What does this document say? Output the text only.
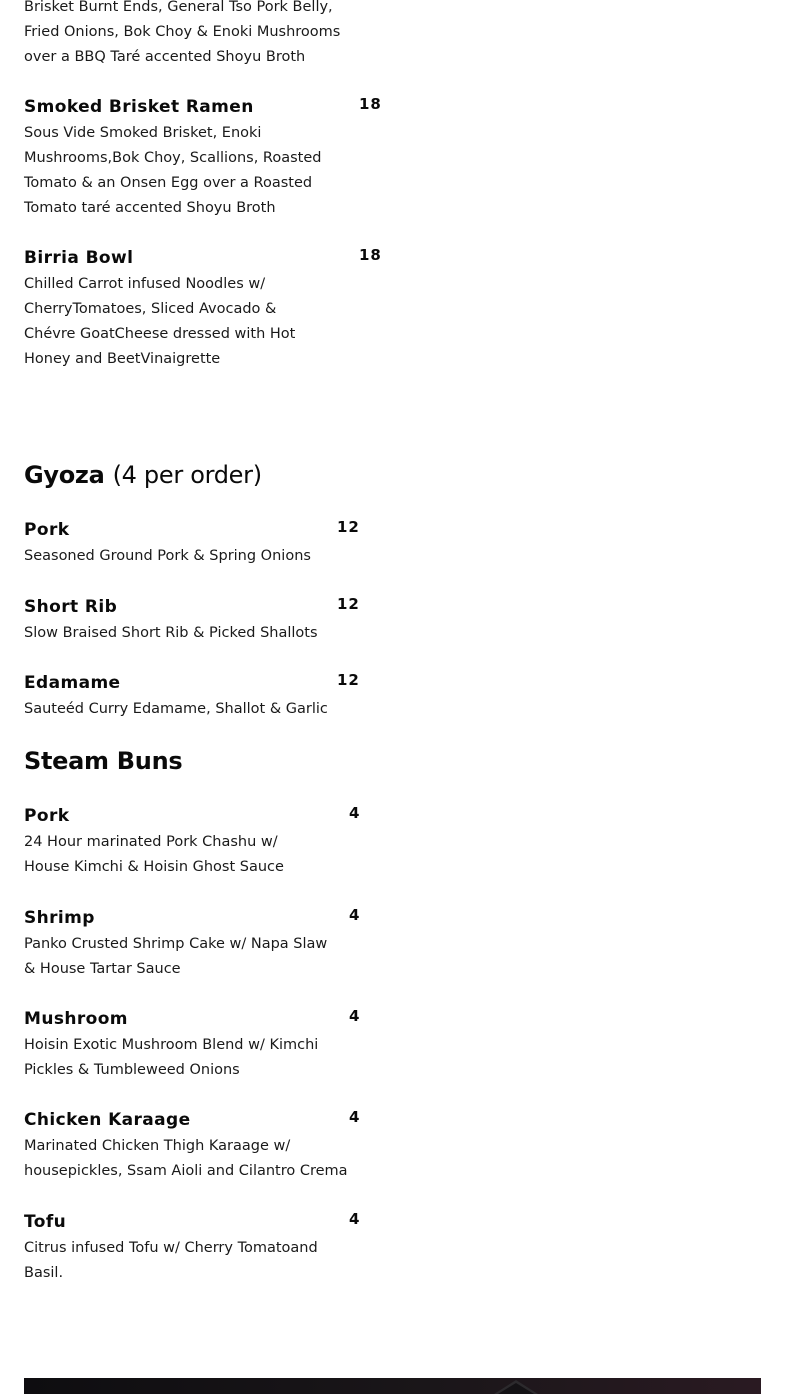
Brisket Burnt Ends, General Tso Pork Belly, Fried Onions, Bok Choy & Enoki Mushrooms over a BBQ Taré accented Shoyu Broth
Smoked Brisket Ramen	18
Sous Vide Smoked Brisket, Enoki Mushrooms,Bok Choy, Scallions, Roasted Tomato & an Onsen Egg over a Roasted Tomato taré accented Shoyu Broth
Birria Bowl	18
Chilled Carrot infused Noodles w/ CherryTomatoes, Sliced Avocado & Chévre GoatCheese dressed with Hot Honey and BeetVinaigrette
Gyoza (4 per order)
Pork	12
Seasoned Ground Pork & Spring Onions
Short Rib	12
Slow Braised Short Rib & Picked Shallots
Edamame	12
Sauteéd Curry Edamame, Shallot & Garlic
Steam Buns
Pork	4
24 Hour marinated Pork Chashu w/ House Kimchi & Hoisin Ghost Sauce
Shrimp	4
Panko Crusted Shrimp Cake w/ Napa Slaw & House Tartar Sauce
Mushroom	4
Hoisin Exotic Mushroom Blend w/ Kimchi Pickles & Tumbleweed Onions
Chicken Karaage	4
Marinated Chicken Thigh Karaage w/ housepickles, Ssam Aioli and Cilantro Crema
Tofu	4
Citrus infused Tofu w/ Cherry Tomatoand Basil.
